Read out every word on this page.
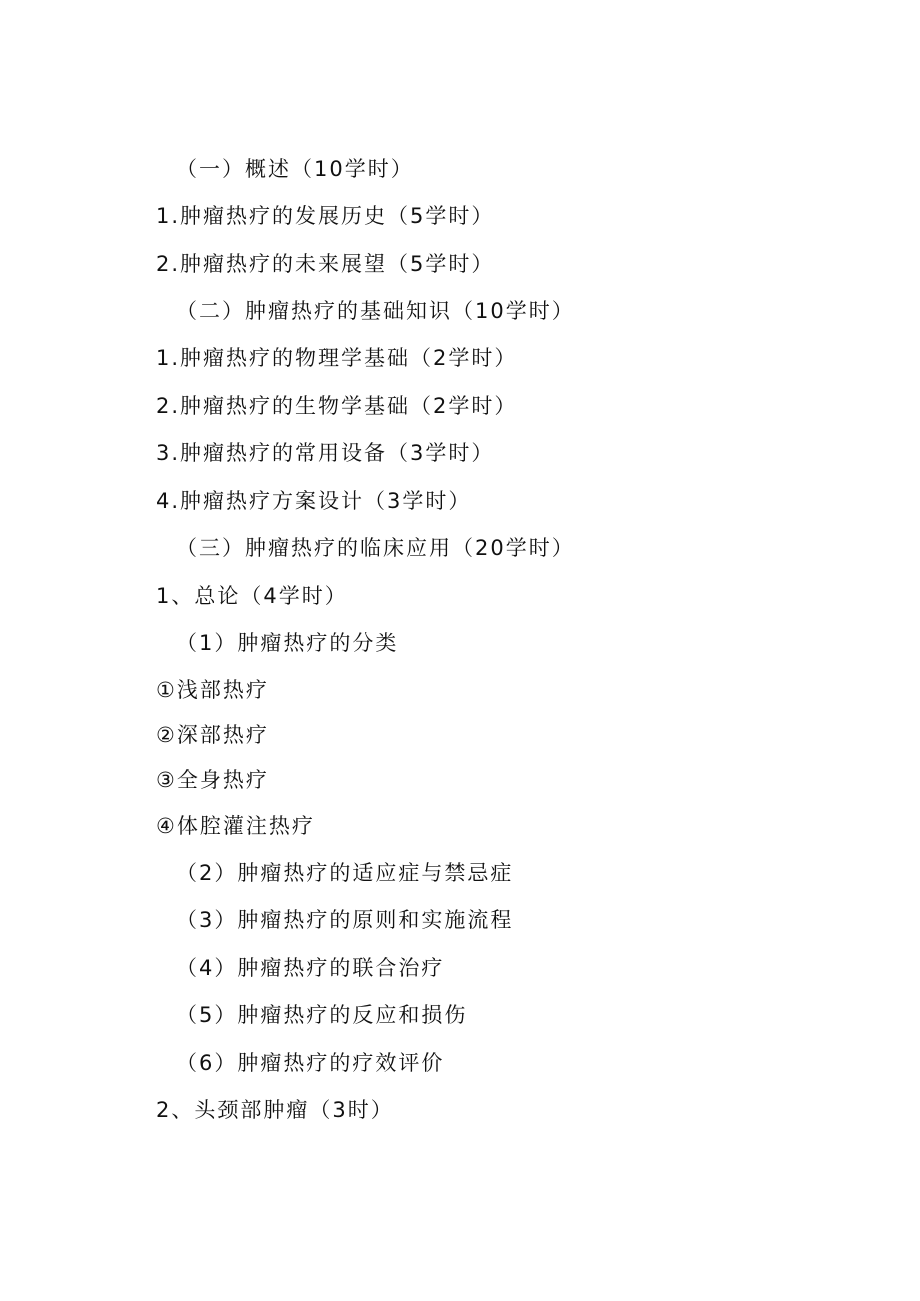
（一）概述（10学时）
1.肿瘤热疗的发展历史（5学时）
2.肿瘤热疗的未来展望（5学时）
（二）肿瘤热疗的基础知识（10学时）
1.肿瘤热疗的物理学基础（2学时）
2.肿瘤热疗的生物学基础（2学时）
3.肿瘤热疗的常用设备（3学时）
4.肿瘤热疗方案设计（3学时）
（三）肿瘤热疗的临床应用（20学时）
1、总论（4学时）
（1）肿瘤热疗的分类
①浅部热疗
②深部热疗
③全身热疗
④体腔灌注热疗
（2）肿瘤热疗的适应症与禁忌症
（3）肿瘤热疗的原则和实施流程
（4）肿瘤热疗的联合治疗
（5）肿瘤热疗的反应和损伤
（6）肿瘤热疗的疗效评价
2、头颈部肿瘤（3时）
